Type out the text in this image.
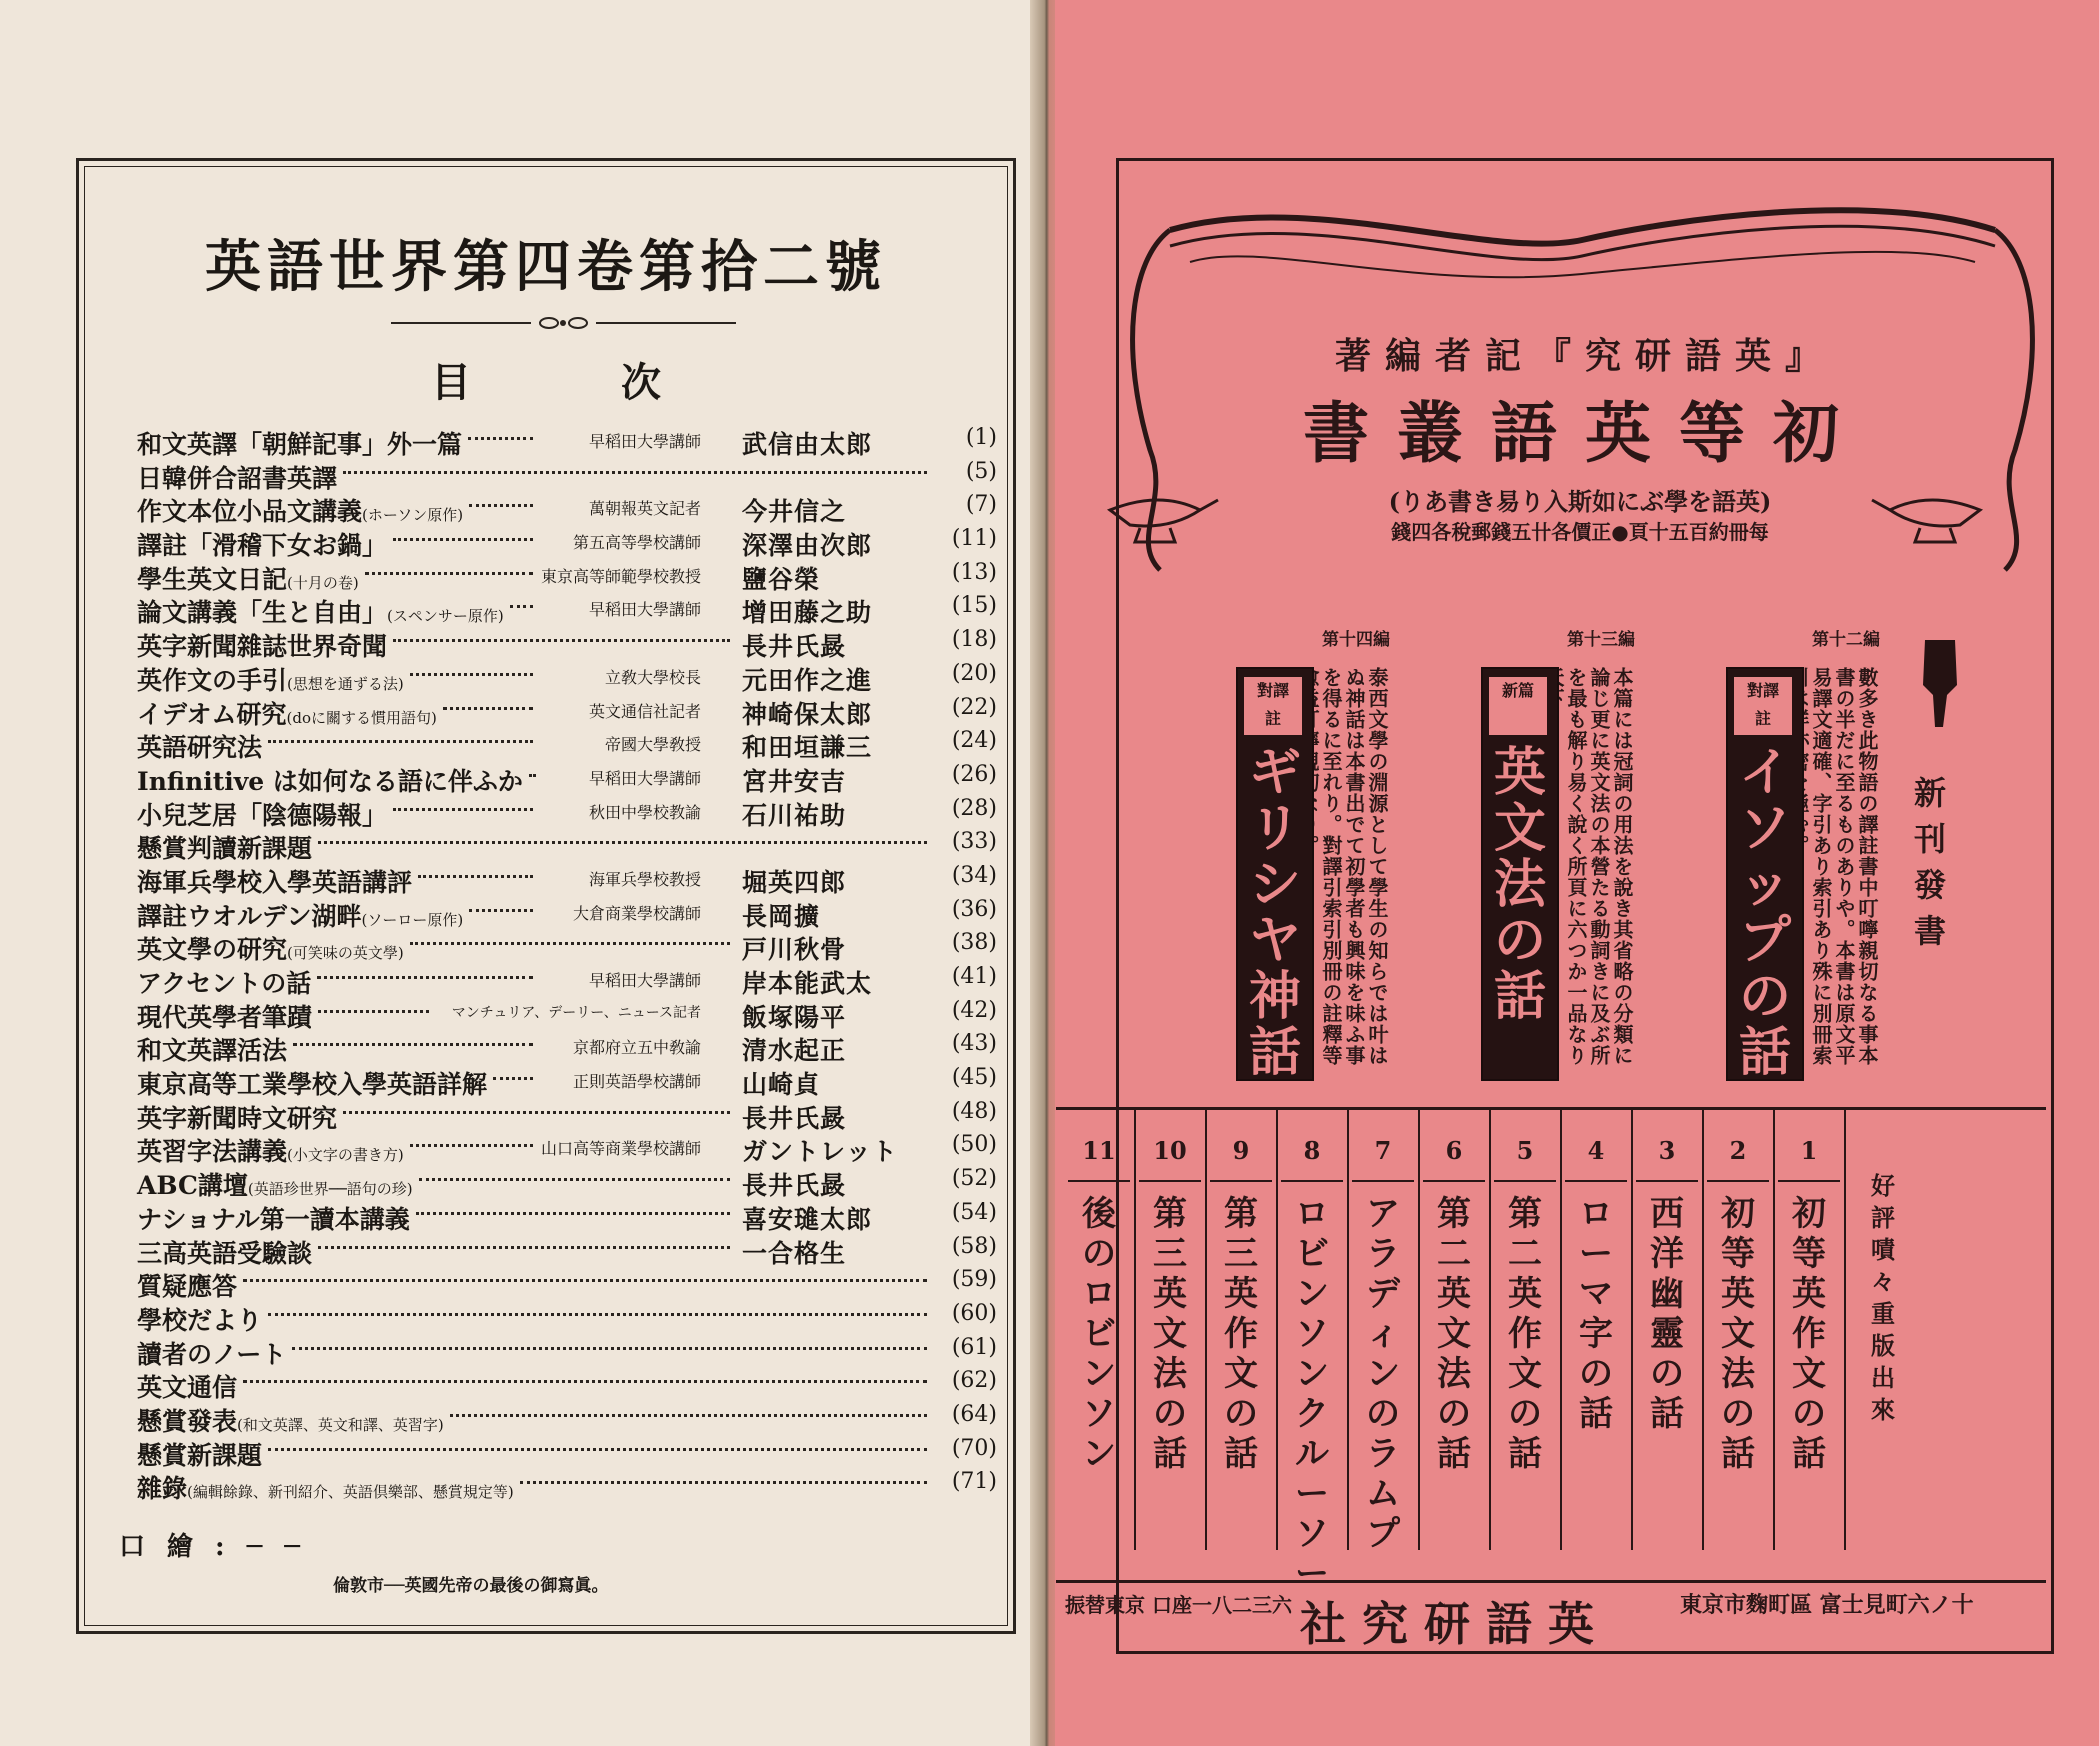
英語世界第四卷第拾二號
目次
和文英譯「朝鮮記事」外一篇	早稻田大學講師 武信由太郎	(1)
日韓併合詔書英譯	(5)
作文本位小品文講義(ホーソン原作)	萬朝報英文記者 今井信之	(7)
譯註「滑稽下女お鍋」	第五高等學校講師 深澤由次郎	(11)
學生英文日記(十月の卷)	東京高等師範學校教授 鹽谷榮	(13)
論文講義「生と自由」(スペンサー原作)	早稻田大學講師 增田藤之助	(15)
英字新聞雜誌世界奇聞	長井氏晸	(18)
英作文の手引(思想を通ずる法)	立敎大學校長 元田作之進	(20)
イデオム研究(doに關する慣用語句)	英文通信社記者 神崎保太郎	(22)
英語研究法	帝國大學敎授 和田垣謙三	(24)
Infinitive は如何なる語に伴ふか	早稻田大學講師 宮井安吉	(26)
小兒芝居「陰德陽報」	秋田中學校教諭 石川祐助	(28)
懸賞判讀新課題	(33)
海軍兵學校入學英語講評	海軍兵學校教授 堀英四郎	(34)
譯註ウオルデン湖畔(ソーロー原作)	大倉商業學校講師 長岡擴	(36)
英文學の研究(可笑味の英文學)	戸川秋骨	(38)
アクセントの話	早稻田大學講師 岸本能武太	(41)
現代英學者筆蹟	マンチュリア、デーリー、ニュース記者 飯塚陽平	(42)
和文英譯活法	京都府立五中敎諭 清水起正	(43)
東京高等工業學校入學英語詳解	正則英語學校講師 山崎貞	(45)
英字新聞時文研究	長井氏晸	(48)
英習字法講義(小文字の書き方)	山口高等商業學校講師 ガントレット (50)
ABC講壇(英語珍世界──語句の珍)	長井氏晸	(52)
ナショナル第一讀本講義	喜安璡太郎	(54)
三高英語受驗談	一合格生	(58)
質疑應答	(59)
學校だより	(60)
讀者のノート	(61)
英文通信	(62)
懸賞發表(和文英譯、英文和譯、英習字)	(64)
懸賞新課題	(70)
雜錄(編輯餘錄、新刊紹介、英語倶樂部、懸賞規定等)	(71)
口繪:──
倫敦市──英國先帝の最後の御寫眞。
著編者記『究研語英』
書叢語英等初
(りあ書き易り入斯如にぶ學を語英)
錢四各稅郵錢五卄各價正●頁十五百約冊每
第十二編
數多き此物語の譯註書中叮嚀親切なる事本書の半だに至るものありや。本書は原文平易譯文適確、字引あり索引あり殊に別冊索
對譯
註
イ
ソ
ッ
プ
の
話
第十三編
本篇には冠詞の用法を說き其省略の分類に論じ更に英文法の本營たる動詞きに及ぶ所を最も解り易く說く所頁に六つか一品なり
新篇
英
文
法
の
話
第十四編
泰西文學の淵源として學生の知らでは叶はぬ神話は本書出でて初學者も興味を味ふ事を得るに至れり。對譯引索引別冊の註釋等
對譯
註
ギ
リ
シ
ヤ
神
話
新
刊
發
書
1
初
等
英
作
文
の
話
2
初
等
英
文
法
の
話
3
西
洋
幽
靈
の
話
4
ロ
ー
マ
字
の
話
5
第
二
英
作
文
の
話
6
第
二
英
文
法
の
話
7
ア
ラ
デ
ィ
ン
の
ラ
ム
プ
8
ロ
ビ
ン
ソ
ン
ク
ル
ー
ソ
ー
9
第
三
英
作
文
の
話
10
第
三
英
文
法
の
話
11
後
の
ロ
ビ
ン
ソ
ン
好
評
嘖
々
重
版
出
來
社究研語英	東京市麴町區 富士見町六ノ十
振替東京 口座一八二三六
